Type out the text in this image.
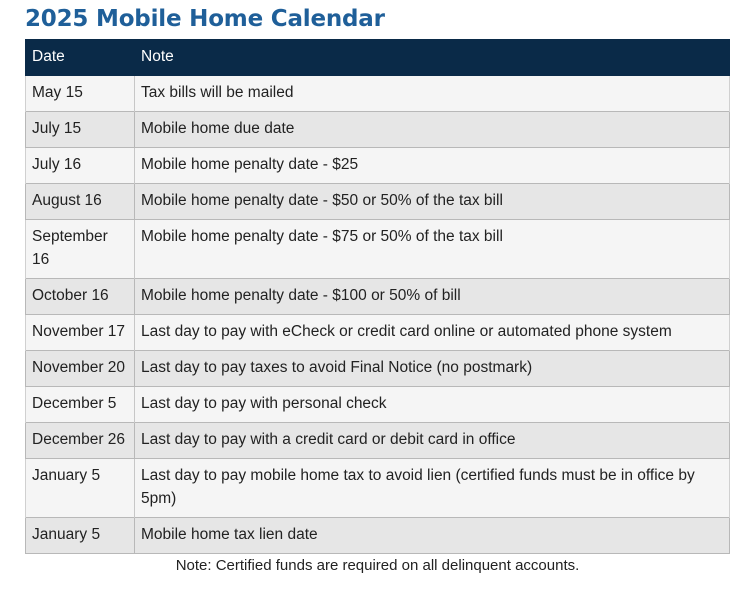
2025 Mobile Home Calendar
Date	Note
May 15	Tax bills will be mailed
July 15	Mobile home due date
July 16	Mobile home penalty date - $25
August 16	Mobile home penalty date - $50 or 50% of the tax bill
September 16	Mobile home penalty date - $75 or 50% of the tax bill
October 16	Mobile home penalty date - $100 or 50% of bill
November 17	Last day to pay with eCheck or credit card online or automated phone system
November 20	Last day to pay taxes to avoid Final Notice (no postmark)
December 5	Last day to pay with personal check
December 26	Last day to pay with a credit card or debit card in office
January 5	Last day to pay mobile home tax to avoid lien (certified funds must be in office by 5pm)
January 5	Mobile home tax lien date
Note: Certified funds are required on all delinquent accounts.
